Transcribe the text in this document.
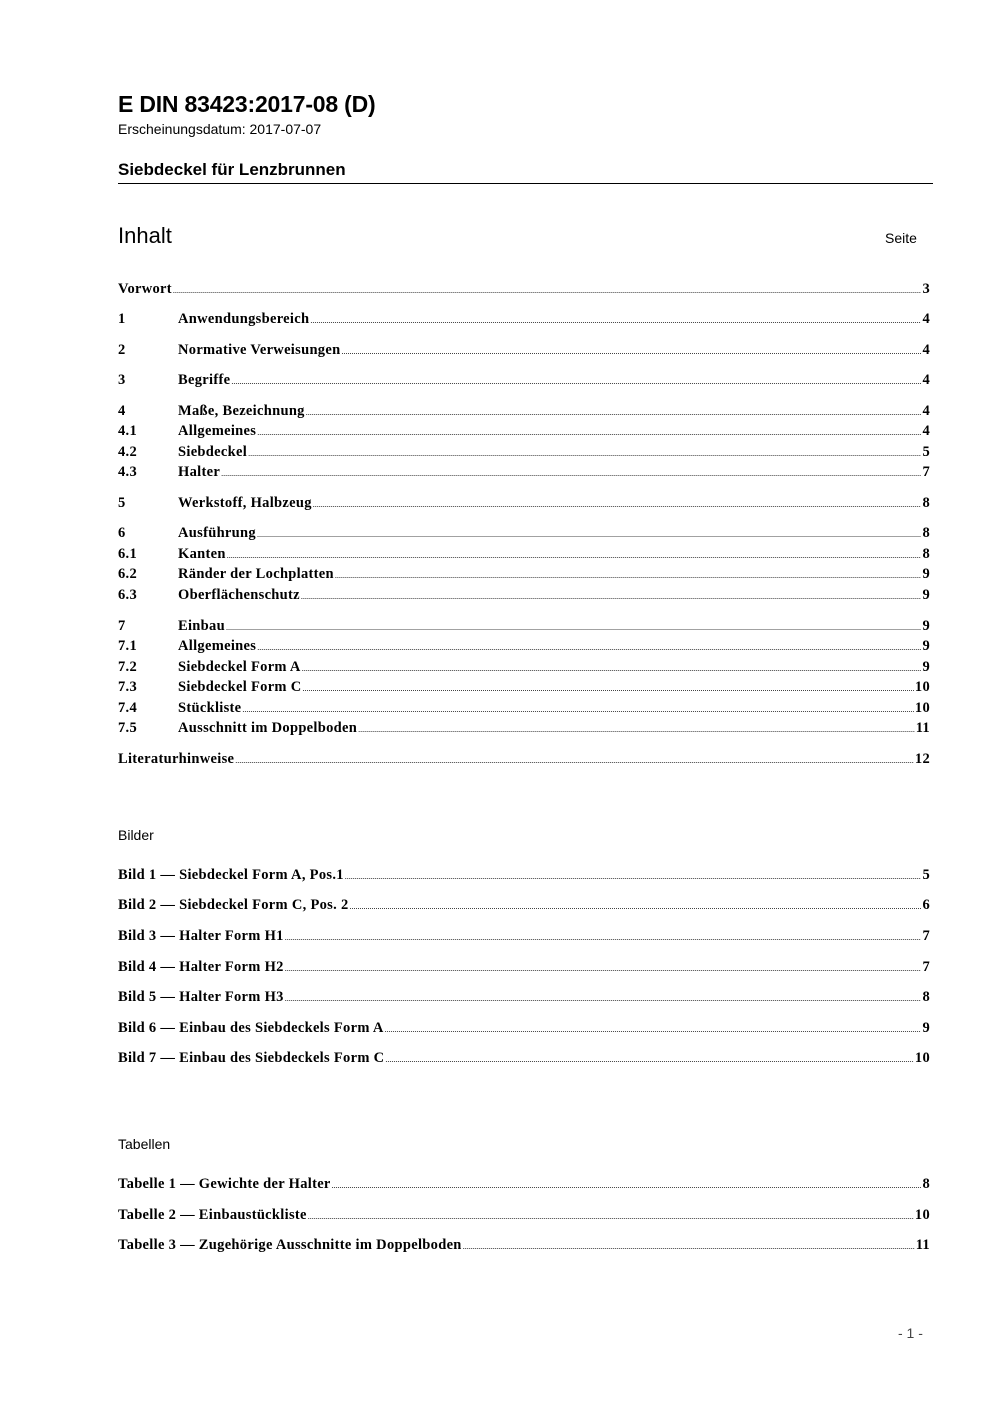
E DIN 83423:2017-08 (D)
Erscheinungsdatum: 2017-07-07
Siebdeckel für Lenzbrunnen
Inhalt	Seite
Vorwort .....	3
1	Anwendungsbereich .....	4
2	Normative Verweisungen .....	4
3	Begriffe .....	4
4	Maße, Bezeichnung .....	4
4.1	Allgemeines .....	4
4.2	Siebdeckel .....	5
4.3	Halter .....	7
5	Werkstoff, Halbzeug .....	8
6	Ausführung .....	8
6.1	Kanten .....	8
6.2	Ränder der Lochplatten .....	9
6.3	Oberflächenschutz .....	9
7	Einbau .....	9
7.1	Allgemeines .....	9
7.2	Siebdeckel Form A .....	9
7.3	Siebdeckel Form C .....	10
7.4	Stückliste .....	10
7.5	Ausschnitt im Doppelboden .....	11
Literaturhinweise .....	12
Bilder
Bild 1 — Siebdeckel Form A, Pos.1 .....	5
Bild 2 — Siebdeckel Form C, Pos. 2 .....	6
Bild 3 — Halter Form H1 .....	7
Bild 4 — Halter Form H2 .....	7
Bild 5 — Halter Form H3 .....	8
Bild 6 — Einbau des Siebdeckels Form A .....	9
Bild 7 — Einbau des Siebdeckels Form C .....	10
Tabellen
Tabelle 1 — Gewichte der Halter .....	8
Tabelle 2 — Einbaustückliste .....	10
Tabelle 3 — Zugehörige Ausschnitte im Doppelboden .....	11
- 1 -
